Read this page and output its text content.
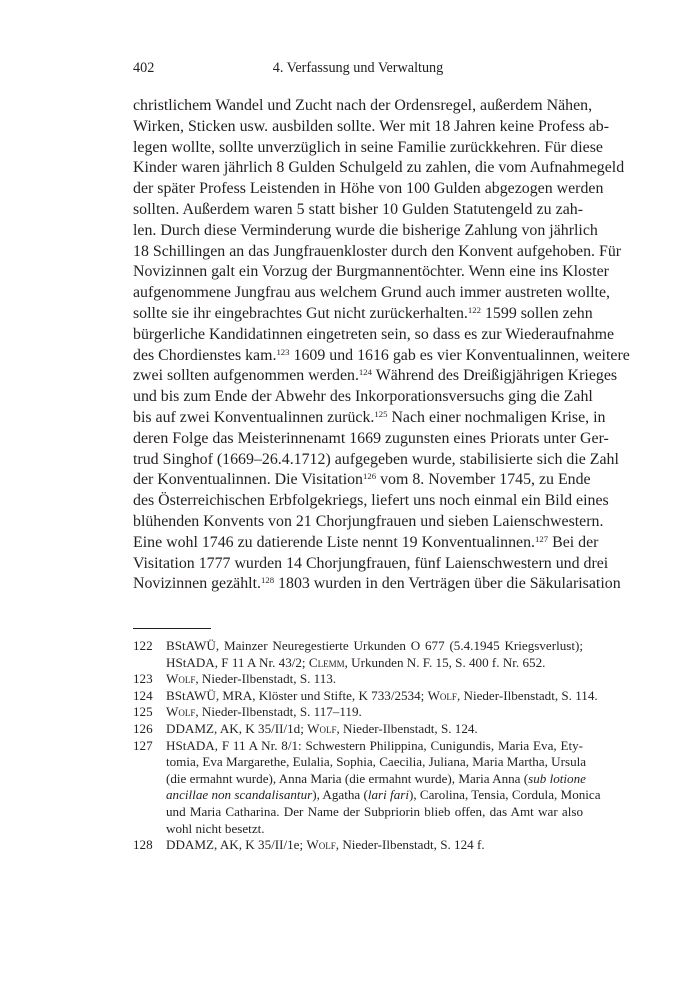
402	4. Verfassung und Verwaltung
christlichem Wandel und Zucht nach der Ordensregel, außerdem Nähen,
Wirken, Sticken usw. ausbilden sollte. Wer mit 18 Jahren keine Profess ab-
legen wollte, sollte unverzüglich in seine Familie zurückkehren. Für diese
Kinder waren jährlich 8 Gulden Schulgeld zu zahlen, die vom Aufnahmegeld
der später Profess Leistenden in Höhe von 100 Gulden abgezogen werden
sollten. Außerdem waren 5 statt bisher 10 Gulden Statutengeld zu zah-
len. Durch diese Verminderung wurde die bisherige Zahlung von jährlich
18 Schillingen an das Jungfrauenkloster durch den Konvent aufgehoben. Für
Novizinnen galt ein Vorzug der Burgmannentöchter. Wenn eine ins Kloster
aufgenommene Jungfrau aus welchem Grund auch immer austreten wollte,
sollte sie ihr eingebrachtes Gut nicht zurückerhalten.$^{122}$ 1599 sollen zehn
bürgerliche Kandidatinnen eingetreten sein, so dass es zur Wiederaufnahme
des Chordienstes kam.$^{123}$ 1609 und 1616 gab es vier Konventualinnen, weitere
zwei sollten aufgenommen werden.$^{124}$ Während des Dreißigjährigen Krieges
und bis zum Ende der Abwehr des Inkorporationsversuchs ging die Zahl
bis auf zwei Konventualinnen zurück.$^{125}$ Nach einer nochmaligen Krise, in
deren Folge das Meisterinnenamt 1669 zugunsten eines Priorats unter Ger-
trud Singhof (1669–26.4.1712) aufgegeben wurde, stabilisierte sich die Zahl
der Konventualinnen. Die Visitation$^{126}$ vom 8. November 1745, zu Ende
des Österreichischen Erbfolgekriegs, liefert uns noch einmal ein Bild eines
blühenden Konvents von 21 Chorjungfrauen und sieben Laienschwestern.
Eine wohl 1746 zu datierende Liste nennt 19 Konventualinnen.$^{127}$ Bei der
Visitation 1777 wurden 14 Chorjungfrauen, fünf Laienschwestern und drei
Novizinnen gezählt.$^{128}$ 1803 wurden in den Verträgen über die Säkularisation
122 BStAWÜ, Mainzer Neuregestierte Urkunden O 677 (5.4.1945 Kriegsverlust);
HStADA, F 11 A Nr. 43/2; Clemm, Urkunden N. F. 15, S. 400 f. Nr. 652.
123 Wolf, Nieder-Ilbenstadt, S. 113.
124 BStAWÜ, MRA, Klöster und Stifte, K 733/2534; Wolf, Nieder-Ilbenstadt, S. 114.
125 Wolf, Nieder-Ilbenstadt, S. 117–119.
126 DDAMZ, AK, K 35/II/1d; Wolf, Nieder-Ilbenstadt, S. 124.
127 HStADA, F 11 A Nr. 8/1: Schwestern Philippina, Cunigundis, Maria Eva, Ety-
tomia, Eva Margarethe, Eulalia, Sophia, Caecilia, Juliana, Maria Martha, Ursula
(die ermahnt wurde), Anna Maria (die ermahnt wurde), Maria Anna (sub lotione
ancillae non scandalisantur), Agatha (lari fari), Carolina, Tensia, Cordula, Monica
und Maria Catharina. Der Name der Subpriorin blieb offen, das Amt war also
wohl nicht besetzt.
128 DDAMZ, AK, K 35/II/1e; Wolf, Nieder-Ilbenstadt, S. 124 f.
